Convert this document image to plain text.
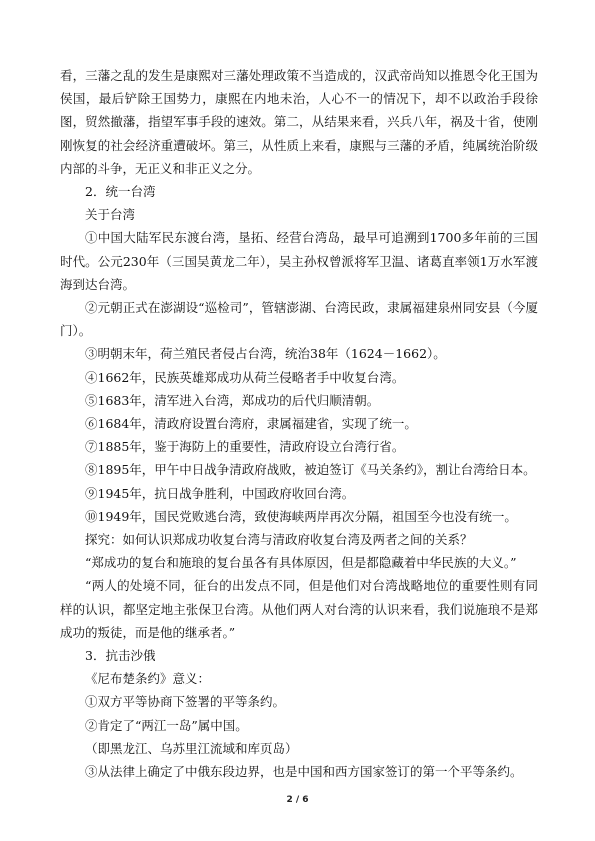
看，三藩之乱的发生是康熙对三藩处理政策不当造成的，汉武帝尚知以推恩令化王国为侯国，最后铲除王国势力，康熙在内地未治，人心不一的情况下，却不以政治手段徐图，贸然撤藩，指望军事手段的速效。第二，从结果来看，兴兵八年，祸及十省，使刚刚恢复的社会经济重遭破坏。第三，从性质上来看，康熙与三藩的矛盾，纯属统治阶级内部的斗争，无正义和非正义之分。

2．统一台湾

关于台湾

①中国大陆军民东渡台湾，垦拓、经营台湾岛，最早可追溯到1700多年前的三国时代。公元230年（三国吴黄龙二年），吴主孙权曾派将军卫温、诸葛直率领1万水军渡海到达台湾。

②元朝正式在澎湖设“巡检司”，管辖澎湖、台湾民政，隶属福建泉州同安县（今厦门）。

③明朝末年，荷兰殖民者侵占台湾，统治38年（1624－1662）。

④1662年，民族英雄郑成功从荷兰侵略者手中收复台湾。

⑤1683年，清军进入台湾，郑成功的后代归顺清朝。

⑥1684年，清政府设置台湾府，隶属福建省，实现了统一。

⑦1885年，鉴于海防上的重要性，清政府设立台湾行省。

⑧1895年，甲午中日战争清政府战败，被迫签订《马关条约》，割让台湾给日本。

⑨1945年，抗日战争胜利，中国政府收回台湾。

⑩1949年，国民党败逃台湾，致使海峡两岸再次分隔，祖国至今也没有统一。

探究：如何认识郑成功收复台湾与清政府收复台湾及两者之间的关系？

“郑成功的复台和施琅的复台虽各有具体原因，但是都隐藏着中华民族的大义。”

“两人的处境不同，征台的出发点不同，但是他们对台湾战略地位的重要性则有同样的认识，都坚定地主张保卫台湾。从他们两人对台湾的认识来看，我们说施琅不是郑成功的叛徒，而是他的继承者。”

3．抗击沙俄

《尼布楚条约》意义：

①双方平等协商下签署的平等条约。

②肯定了“两江一岛”属中国。

（即黑龙江、乌苏里江流域和库页岛）

③从法律上确定了中俄东段边界，也是中国和西方国家签订的第一个平等条约。

2 / 6
